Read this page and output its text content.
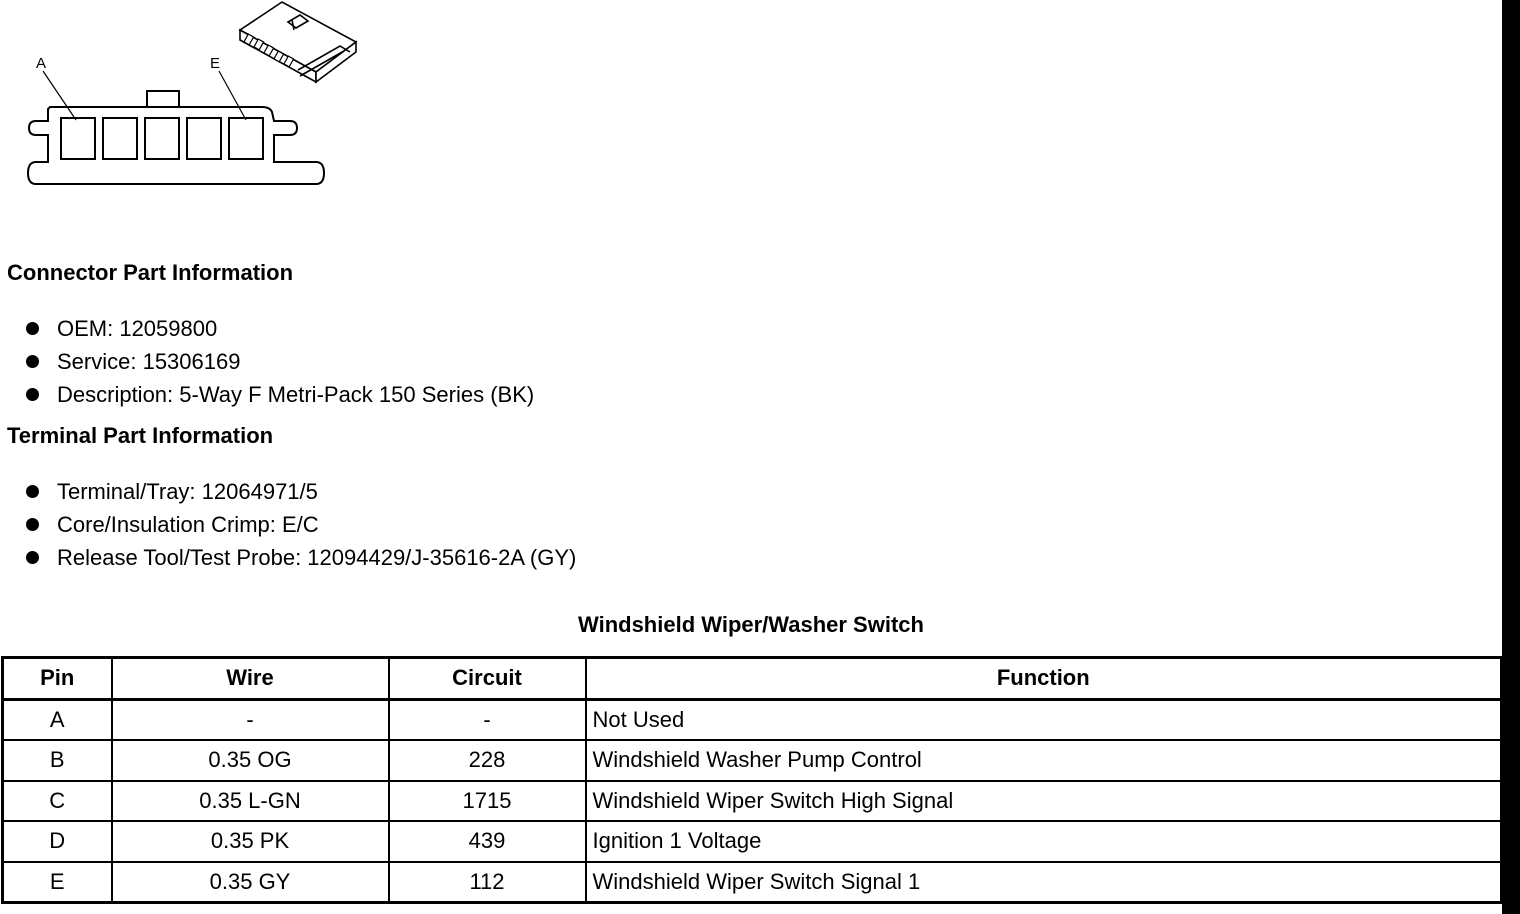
A	E
Connector Part Information
OEM: 12059800
Service: 15306169
Description: 5-Way F Metri-Pack 150 Series (BK)
Terminal Part Information
Terminal/Tray: 12064971/5
Core/Insulation Crimp: E/C
Release Tool/Test Probe: 12094429/J-35616-2A (GY)
Windshield Wiper/Washer Switch
Pin	Wire	Circuit	Function
A	-	-	Not Used
B	0.35 OG	228	Windshield Washer Pump Control
C	0.35 L-GN	1715	Windshield Wiper Switch High Signal
D	0.35 PK	439	Ignition 1 Voltage
E	0.35 GY	112	Windshield Wiper Switch Signal 1
